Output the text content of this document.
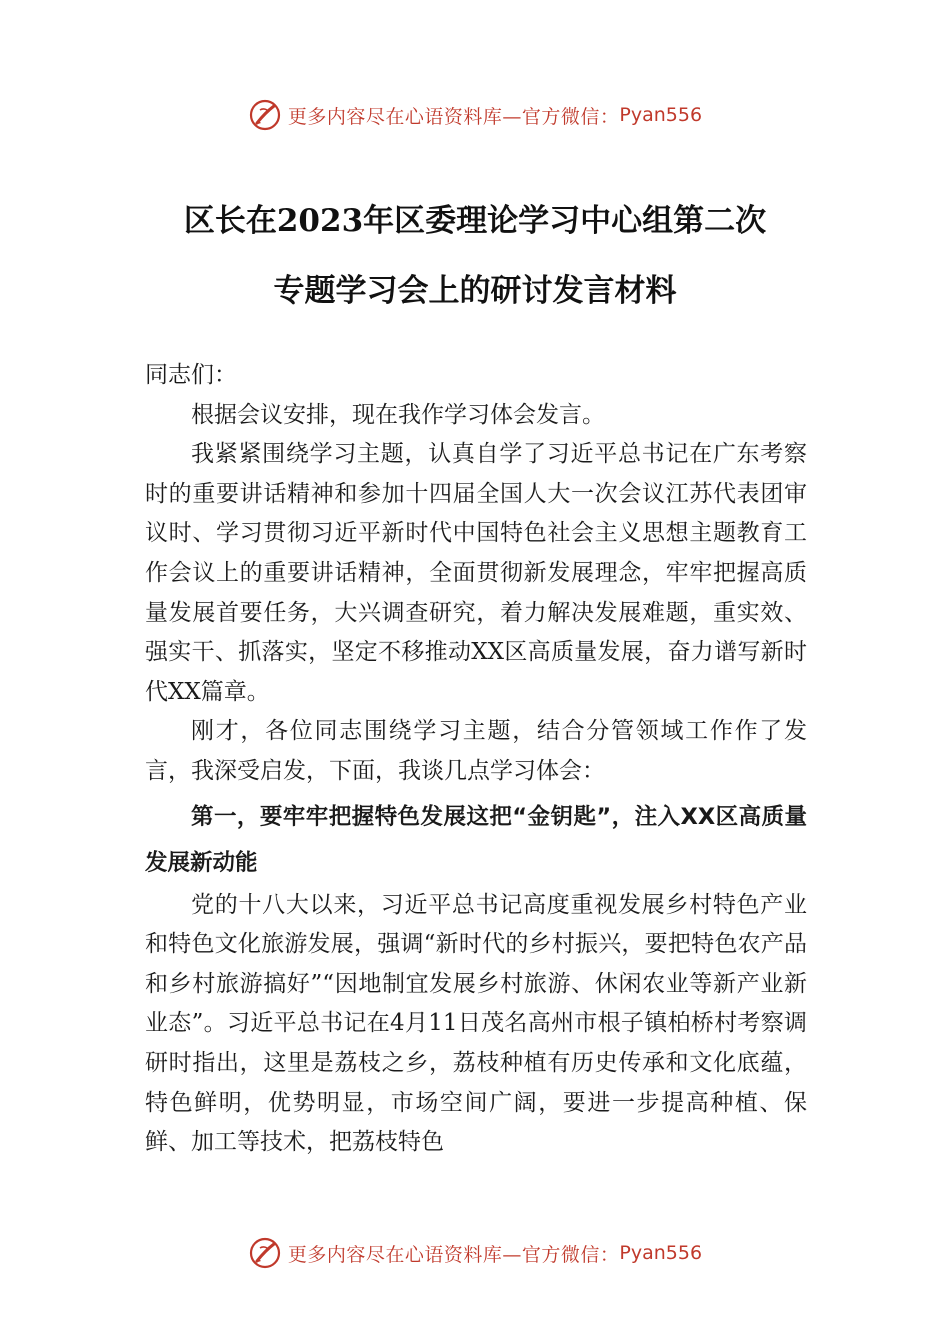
更多内容尽在心语资料库—官方微信： Pyan556
区长在2023年区委理论学习中心组第二次
专题学习会上的研讨发言材料

同志们：

根据会议安排，现在我作学习体会发言。

我紧紧围绕学习主题，认真自学了习近平总书记在广东考察时的重要讲话精神和参加十四届全国人大一次会议江苏代表团审议时、学习贯彻习近平新时代中国特色社会主义思想主题教育工作会议上的重要讲话精神，全面贯彻新发展理念，牢牢把握高质量发展首要任务，大兴调查研究，着力解决发展难题，重实效、强实干、抓落实，坚定不移推动XX区高质量发展，奋力谱写新时代XX篇章。

刚才，各位同志围绕学习主题，结合分管领域工作作了发言，我深受启发，下面，我谈几点学习体会：

第一，要牢牢把握特色发展这把“金钥匙”，注入XX区高质量发展新动能

党的十八大以来，习近平总书记高度重视发展乡村特色产业和特色文化旅游发展，强调“新时代的乡村振兴，要把特色农产品和乡村旅游搞好”“因地制宜发展乡村旅游、休闲农业等新产业新业态”。习近平总书记在4月11日茂名高州市根子镇柏桥村考察调研时指出，这里是荔枝之乡，荔枝种植有历史传承和文化底蕴，特色鲜明，优势明显，市场空间广阔，要进一步提高种植、保鲜、加工等技术，把荔枝特色

更多内容尽在心语资料库—官方微信： Pyan556
